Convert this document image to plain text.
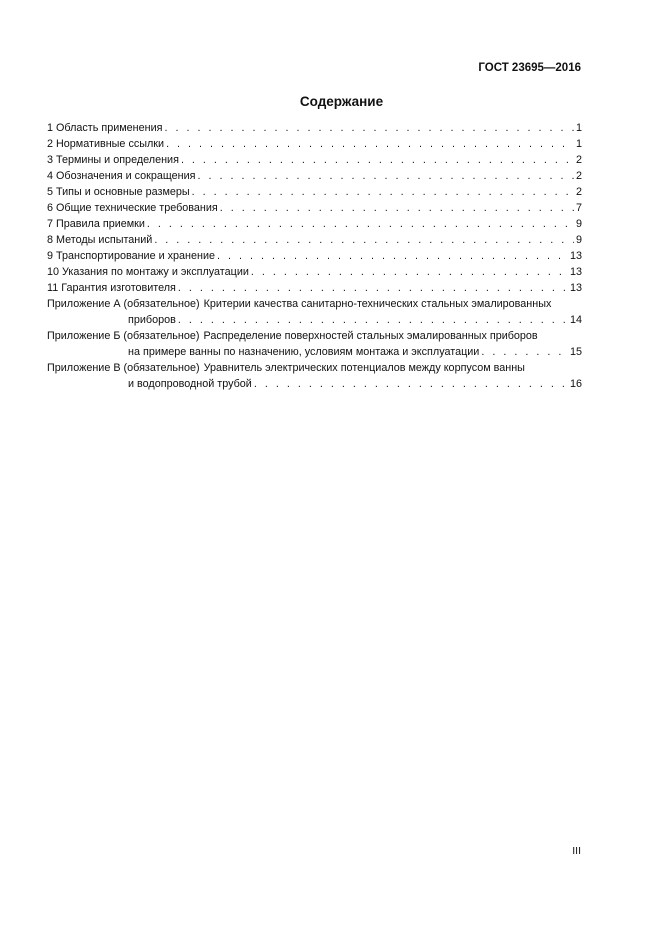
ГОСТ 23695—2016
Содержание
1 Область применения . . .	1
2 Нормативные ссылки . . .	1
3 Термины и определения . . .	2
4 Обозначения и сокращения . . .	2
5 Типы и основные размеры . . .	2
6 Общие технические требования . . .	7
7 Правила приемки . . .	9
8 Методы испытаний . . .	9
9 Транспортирование и хранение . . .	13
10 Указания по монтажу и эксплуатации . . .	13
11 Гарантия изготовителя . . .	13
Приложение А (обязательное) Критерии качества санитарно-технических стальных эмалированных
приборов . . .	14
Приложение Б (обязательное) Распределение поверхностей стальных эмалированных приборов
на примере ванны по назначению, условиям монтажа и эксплуатации . . .	15
Приложение В (обязательное) Уравнитель электрических потенциалов между корпусом ванны
и водопроводной трубой . . .	16
III
